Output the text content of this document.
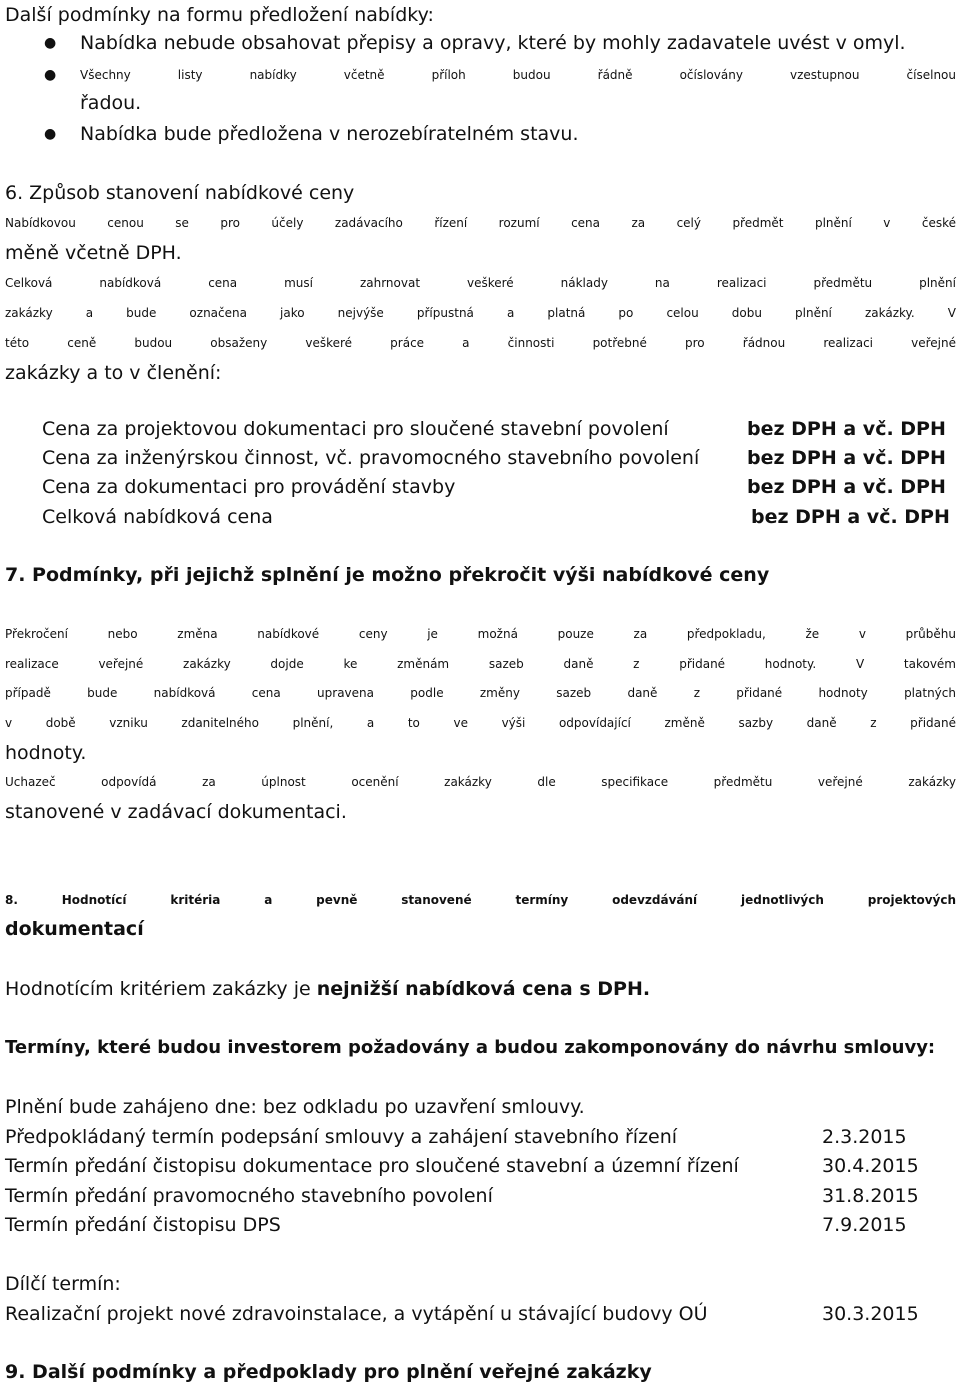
Další podmínky na formu předložení nabídky:
● Nabídka nebude obsahovat přepisy a opravy, které by mohly zadavatele uvést v omyl.
● Všechny listy nabídky včetně příloh budou řádně očíslovány vzestupnou číselnou
řadou.
● Nabídka bude předložena v nerozebíratelném stavu.
6. Způsob stanovení nabídkové ceny
Nabídkovou cenou se pro účely zadávacího řízení rozumí cena za celý předmět plnění v české
měně včetně DPH.
Celková nabídková cena musí zahrnovat veškeré náklady na realizaci předmětu plnění
zakázky a bude označena jako nejvýše přípustná a platná po celou dobu plnění zakázky. V
této ceně budou obsaženy veškeré práce a činnosti potřebné pro řádnou realizaci veřejné
zakázky a to v členění:
Cena za projektovou dokumentaci pro sloučené stavební povolení	bez DPH a vč. DPH
Cena za inženýrskou činnost, vč. pravomocného stavebního povolení	bez DPH a vč. DPH
Cena za dokumentaci pro provádění stavby	bez DPH a vč. DPH
Celková nabídková cena	bez DPH a vč. DPH
7. Podmínky, při jejichž splnění je možno překročit výši nabídkové ceny
Překročení nebo změna nabídkové ceny je možná pouze za předpokladu, že v průběhu
realizace veřejné zakázky dojde ke změnám sazeb daně z přidané hodnoty. V takovém
případě bude nabídková cena upravena podle změny sazeb daně z přidané hodnoty platných
v době vzniku zdanitelného plnění, a to ve výši odpovídající změně sazby daně z přidané
hodnoty.
Uchazeč odpovídá za úplnost ocenění zakázky dle specifikace předmětu veřejné zakázky
stanovené v zadávací dokumentaci.
8. Hodnotící kritéria a pevně stanovené termíny odevzdávání jednotlivých projektových
dokumentací
Hodnotícím kritériem zakázky je nejnižší nabídková cena s DPH.
Termíny, které budou investorem požadovány a budou zakomponovány do návrhu smlouvy:
Plnění bude zahájeno dne: bez odkladu po uzavření smlouvy.
Předpokládaný termín podepsání smlouvy a zahájení stavebního řízení	2.3.2015
Termín předání čistopisu dokumentace pro sloučené stavební a územní řízení	30.4.2015
Termín předání pravomocného stavebního povolení	31.8.2015
Termín předání čistopisu DPS	7.9.2015
Dílčí termín:
Realizační projekt nové zdravoinstalace, a vytápění u stávající budovy OÚ	30.3.2015
9. Další podmínky a předpoklady pro plnění veřejné zakázky
